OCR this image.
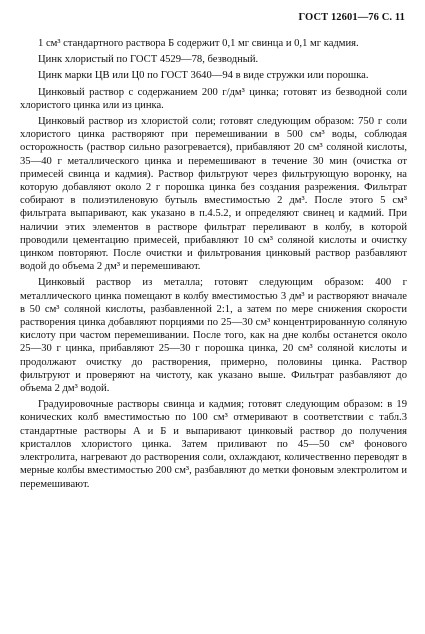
ГОСТ 12601—76 С. 11

1 см³ стандартного раствора Б содержит 0,1 мг свинца и 0,1 мг кадмия.

Цинк хлористый по ГОСТ 4529—78, безводный.

Цинк марки ЦВ или Ц0 по ГОСТ 3640—94 в виде стружки или порошка.

Цинковый раствор с содержанием 200 г/дм³ цинка; готовят из безводной соли хлористого цинка или из цинка.

Цинковый раствор из хлористой соли; готовят следующим образом: 750 г соли хлористого цинка растворяют при перемешивании в 500 см³ воды, соблюдая осторожность (раствор сильно разогревается), прибавляют 20 см³ соляной кислоты, 35—40 г металлического цинка и перемешивают в течение 30 мин (очистка от примесей свинца и кадмия). Раствор фильтруют через фильтрующую воронку, на которую добавляют около 2 г порошка цинка без создания разрежения. Фильтрат собирают в полиэтиленовую бутыль вместимостью 2 дм³. После этого 5 см³ фильтрата выпаривают, как указано в п.4.5.2, и определяют свинец и кадмий. При наличии этих элементов в растворе фильтрат переливают в колбу, в которой проводили цементацию примесей, прибавляют 10 см³ соляной кислоты и очистку цинком повторяют. После очистки и фильтрования цинковый раствор разбавляют водой до объема 2 дм³ и перемешивают.

Цинковый раствор из металла; готовят следующим образом: 400 г металлического цинка помещают в колбу вместимостью 3 дм³ и растворяют вначале в 50 см³ соляной кислоты, разбавленной 2:1, а затем по мере снижения скорости растворения цинка добавляют порциями по 25—30 см³ концентрированную соляную кислоту при частом перемешивании. После того, как на дне колбы останется около 25—30 г цинка, прибавляют 25—30 г порошка цинка, 20 см³ соляной кислоты и продолжают очистку до растворения, примерно, половины цинка. Раствор фильтруют и проверяют на чистоту, как указано выше. Фильтрат разбавляют до объема 2 дм³ водой.

Градуировочные растворы свинца и кадмия; готовят следующим образом: в 19 конических колб вместимостью по 100 см³ отмеривают в соответствии с табл.3 стандартные растворы А и Б и выпаривают цинковый раствор до получения кристаллов хлористого цинка. Затем приливают по 45—50 см³ фонового электролита, нагревают до растворения соли, охлаждают, количественно переводят в мерные колбы вместимостью 200 см³, разбавляют до метки фоновым электролитом и перемешивают.
